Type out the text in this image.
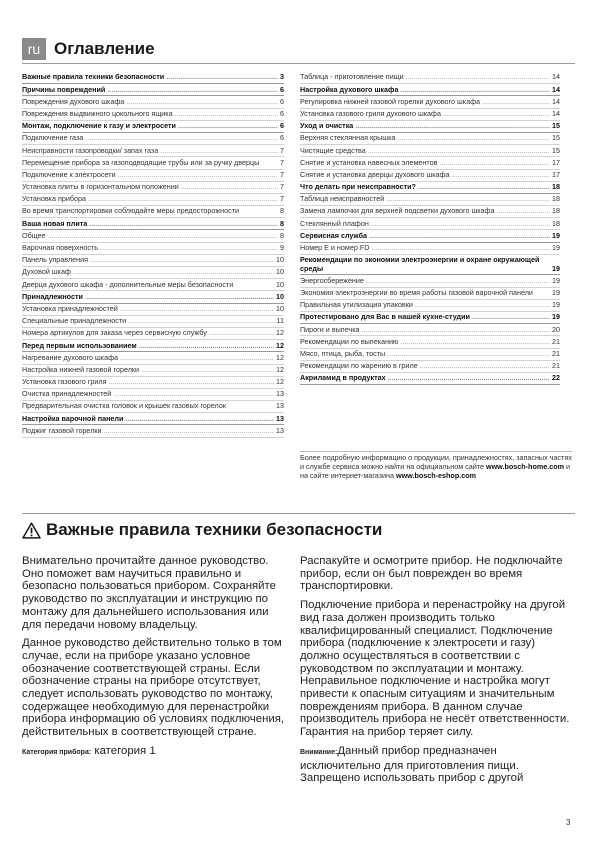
ru Оглавление
Важные правила техники безопасности .....	3
Причины повреждений .....	6
Повреждения духового шкафа .....	6
Повреждения выдвижного цокольного ящика .....	6
Монтаж, подключение к газу и электросети .....	6
Подключение газа .....	6
Неисправности газопроводки/ запах газа .....	7
Перемещение прибора за газоподводящие трубы или за ручку дверцы	7
Подключение к электросети .....	7
Установка плиты в горизонтальном положении .....	7
Установка прибора .....	7
Во время транспортировки соблюдайте меры предосторожности	8
Ваша новая плита .....	8
Общее .....	8
Варочная поверхность .....	9
Панель управления .....	10
Духовой шкаф .....	10
Дверца духового шкафа - дополнительные меры безопасности	10
Принадлежности .....	10
Установка принадлежностей .....	10
Специальные принадлежности .....	11
Номера артикулов для заказа через сервисную службу .....	12
Перед первым использованием .....	12
Нагревание духового шкафа .....	12
Настройка нижней газовой горелки .....	12
Установка газового гриля .....	12
Очистка принадлежностей .....	13
Предварительная очистка головок и крышек газовых горелок	13
Настройка варочной панели .....	13
Поджиг газовой горелки .....	13
Таблица - приготовление пищи .....	14
Настройка духового шкафа .....	14
Регулировка нижней газовой горелки духового шкафа .....	14
Установка газового гриля духового шкафа .....	14
Уход и очистка .....	15
Верхняя стеклянная крышка .....	15
Чистящие средства .....	15
Снятие и установка навесных элементов .....	17
Снятие и установка дверцы духового шкафа .....	17
Что делать при неисправности? .....	18
Таблица неисправностей .....	18
Замена лампочки для верхней подсветки духового шкафа .....	18
Стеклянный плафон .....	18
Сервисная служба .....	19
Номер E и номер FD .....	19
Рекомендации по экономии электроэнергии и охране окружающей среды	19
Энергосбережение .....	19
Экономия электроэнергии во время работы газовой варочной панели	19
Правильная утилизация упаковки .....	19
Протестировано для Вас в нашей кухне-студии .....	19
Пироги и выпечка .....	20
Рекомендации по выпеканию .....	21
Мясо, птица, рыба, тосты .....	21
Рекомендации по жарению в гриле .....	21
Акриламид в продуктах .....	22
Более подробную информацию о продукции, принадлежностях, запасных частях и службе сервиса можно найти на официальном сайте www.bosch-home.com и на сайте интернет-магазина www.bosch-eshop.com
Важные правила техники безопасности

Внимательно прочитайте данное руководство. Оно поможет вам научиться правильно и безопасно пользоваться прибором. Сохраняйте руководство по эксплуатации и инструкцию по монтажу для дальнейшего использования или для передачи новому владельцу.

Данное руководство действительно только в том случае, если на приборе указано условное обозначение соответствующей страны. Если обозначение страны на приборе отсутствует, следует использовать руководство по монтажу, содержащее необходимую для перенастройки прибора информацию об условиях подключения, действительных в соответствующей стране.

Категория прибора: категория 1

Распакуйте и осмотрите прибор. Не подключайте прибор, если он был поврежден во время транспортировки.

Подключение прибора и перенастройку на другой вид газа должен производить только квалифицированный специалист. Подключение прибора (подключение к электросети и газу) должно осуществляться в соответствии с руководством по эксплуатации и монтажу. Неправильное подключение и настройка могут привести к опасным ситуациям и значительным повреждениям прибора. В данном случае производитель прибора не несёт ответственности. Гарантия на прибор теряет силу.

Внимание:Данный прибор предназначен исключительно для приготовления пищи. Запрещено использовать прибор с другой

3
